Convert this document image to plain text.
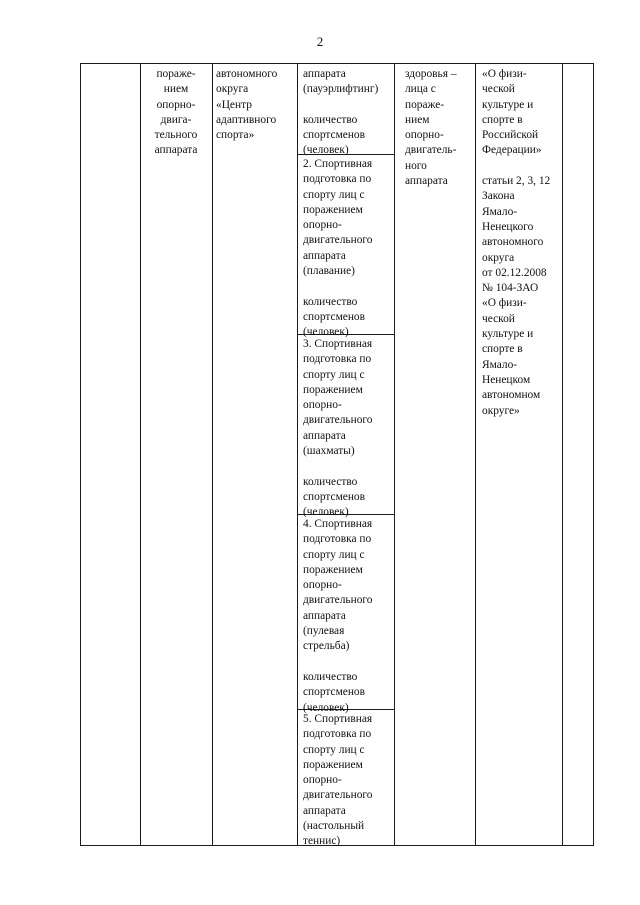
2

пораже-
нием
опорно-
двига-
тельного
аппарата

автономного
округа
«Центр
адаптивного
спорта»

аппарата
(пауэрлифтинг)

количество
спортсменов
(человек)

2. Спортивная
подготовка по
спорту лиц с
поражением
опорно-
двигательного
аппарата
(плавание)

количество
спортсменов
(человек)

3. Спортивная
подготовка по
спорту лиц с
поражением
опорно-
двигательного
аппарата
(шахматы)

количество
спортсменов
(человек)

4. Спортивная
подготовка по
спорту лиц с
поражением
опорно-
двигательного
аппарата
(пулевая
стрельба)

количество
спортсменов
(человек)

5. Спортивная
подготовка по
спорту лиц с
поражением
опорно-
двигательного
аппарата
(настольный
теннис)

здоровья –
лица с
пораже-
нием
опорно-
двигатель-
ного
аппарата

«О физи-
ческой
культуре и
спорте в
Российской
Федерации»

статьи 2, 3, 12
Закона
Ямало-
Ненецкого
автономного
округа
от 02.12.2008
№ 104-ЗАО
«О физи-
ческой
культуре и
спорте в
Ямало-
Ненецком
автономном
округе»
